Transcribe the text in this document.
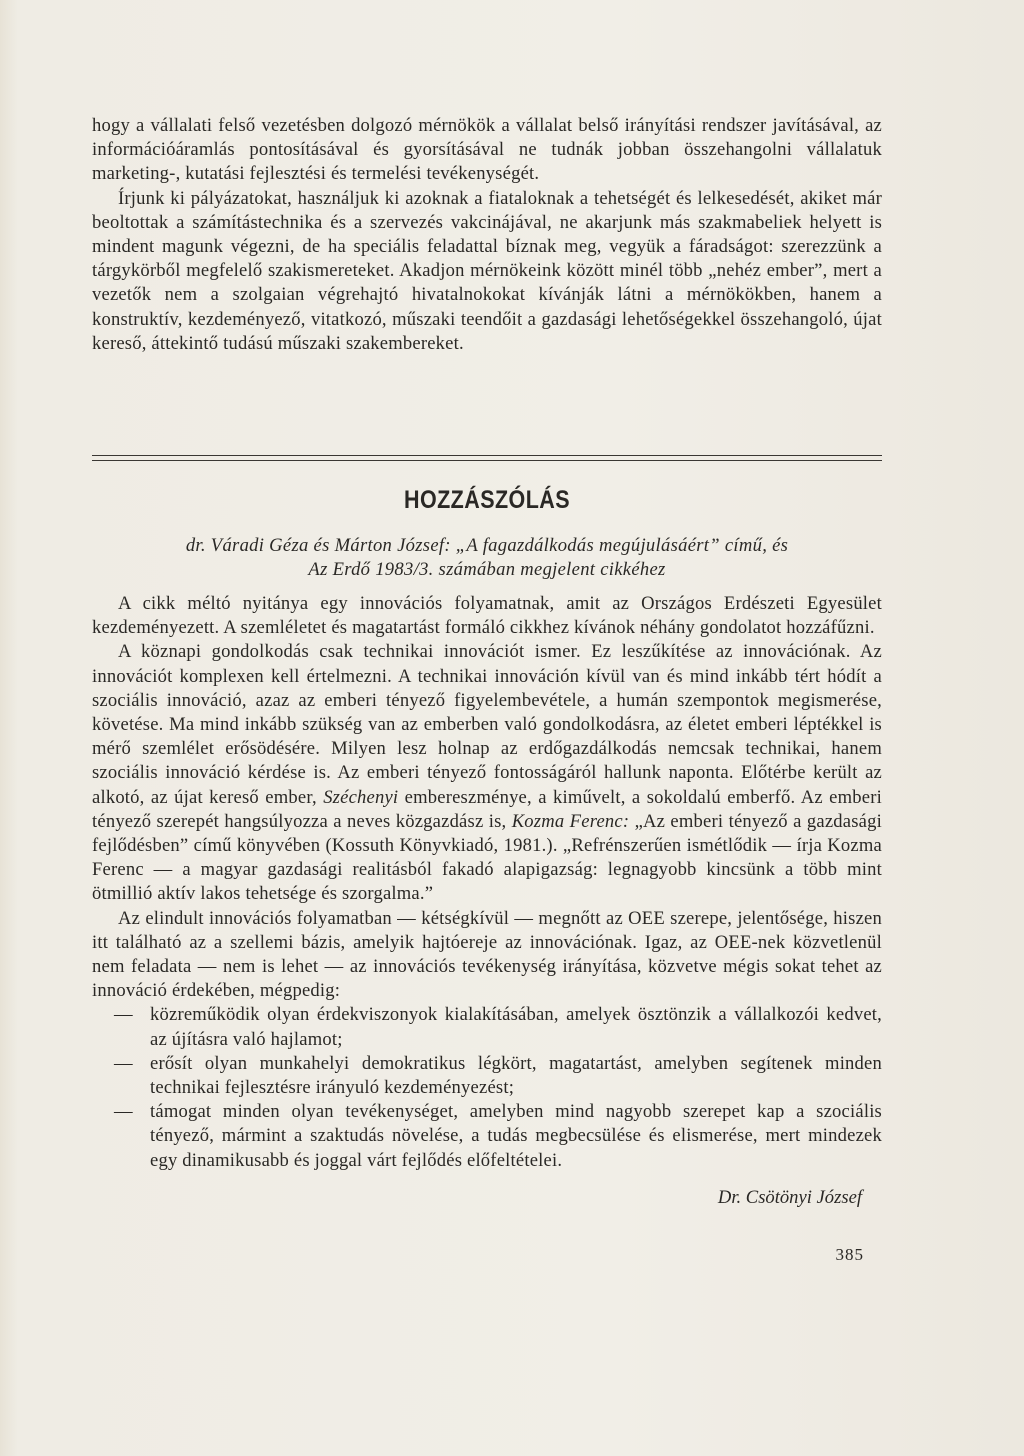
hogy a vállalati felső vezetésben dolgozó mérnökök a vállalat belső irányítási rendszer javításával, az információáramlás pontosításával és gyorsításával ne tudnák jobban összehangolni vállalatuk marketing-, kutatási fejlesztési és termelési tevékenységét.

Írjunk ki pályázatokat, használjuk ki azoknak a fiataloknak a tehetségét és lelkesedését, akiket már beoltottak a számítástechnika és a szervezés vakcinájával, ne akarjunk más szakmabeliek helyett is mindent magunk végezni, de ha speciális feladattal bíznak meg, vegyük a fáradságot: szerezzünk a tárgykörből megfelelő szakismereteket. Akadjon mérnökeink között minél több „nehéz ember”, mert a vezetők nem a szolgaian végrehajtó hivatalnokokat kívánják látni a mérnökökben, hanem a konstruktív, kezdeményező, vitatkozó, műszaki teendőit a gazdasági lehetőségekkel összehangoló, újat kereső, áttekintő tudású műszaki szakembereket.

HOZZÁSZÓLÁS
dr. Váradi Géza és Márton József: „A fagazdálkodás megújulásáért” című, és
Az Erdő 1983/3. számában megjelent cikkéhez

A cikk méltó nyitánya egy innovációs folyamatnak, amit az Országos Erdészeti Egyesület kezdeményezett. A szemléletet és magatartást formáló cikkhez kívánok néhány gondolatot hozzáfűzni.

A köznapi gondolkodás csak technikai innovációt ismer. Ez leszűkítése az innovációnak. Az innovációt komplexen kell értelmezni. A technikai innováción kívül van és mind inkább tért hódít a szociális innováció, azaz az emberi tényező figyelembevétele, a humán szempontok megismerése, követése. Ma mind inkább szükség van az emberben való gondolkodásra, az életet emberi léptékkel is mérő szemlélet erősödésére. Milyen lesz holnap az erdőgazdálkodás nemcsak technikai, hanem szociális innováció kérdése is. Az emberi tényező fontosságáról hallunk naponta. Előtérbe került az alkotó, az újat kereső ember, Széchenyi embereszménye, a kiművelt, a sokoldalú emberfő. Az emberi tényező szerepét hangsúlyozza a neves közgazdász is, Kozma Ferenc: „Az emberi tényező a gazdasági fejlődésben” című könyvében (Kossuth Könyvkiadó, 1981.). „Refrénszerűen ismétlődik — írja Kozma Ferenc — a magyar gazdasági realitásból fakadó alapigazság: legnagyobb kincsünk a több mint ötmillió aktív lakos tehetsége és szorgalma.”

Az elindult innovációs folyamatban — kétségkívül — megnőtt az OEE szerepe, jelentősége, hiszen itt található az a szellemi bázis, amelyik hajtóereje az innovációnak. Igaz, az OEE-nek közvetlenül nem feladata — nem is lehet — az innovációs tevékenység irányítása, közvetve mégis sokat tehet az innováció érdekében, mégpedig:

— közreműködik olyan érdekviszonyok kialakításában, amelyek ösztönzik a vállalkozói kedvet, az újításra való hajlamot;

— erősít olyan munkahelyi demokratikus légkört, magatartást, amelyben segítenek minden technikai fejlesztésre irányuló kezdeményezést;

— támogat minden olyan tevékenységet, amelyben mind nagyobb szerepet kap a szociális tényező, mármint a szaktudás növelése, a tudás megbecsülése és elismerése, mert mindezek egy dinamikusabb és joggal várt fejlődés előfeltételei.

Dr. Csötönyi József
385
